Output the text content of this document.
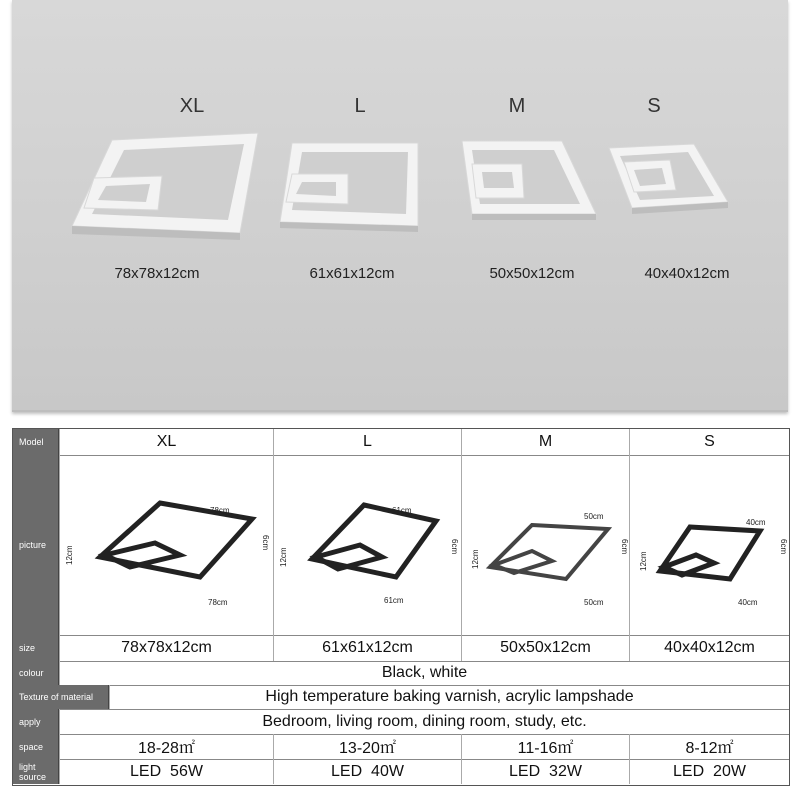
XL	L	M	S
78x78x12cm	61x61x12cm	50x50x12cm	40x40x12cm
Model	XL	L	M	S
picture
78cm
78cm
12cm
6cm
61cm
61cm
12cm
6cm
50cm
50cm
12cm
6cm
40cm
40cm
12cm
6cm
size	78x78x12cm	61x61x12cm	50x50x12cm	40x40x12cm
colour	Black, white
Texture of material	High temperature baking varnish, acrylic lampshade
apply	Bedroom, living room, dining room, study, etc.
space	18-28㎡	13-20㎡	11-16㎡	8-12㎡
light source	LED  56W	LED  40W	LED  32W	LED  20W
